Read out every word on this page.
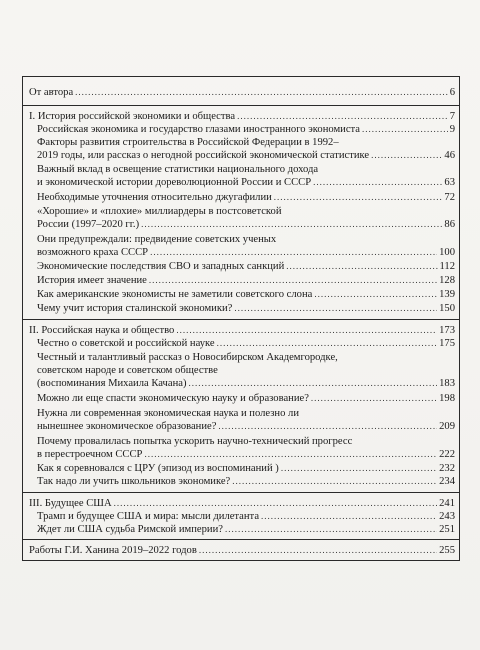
От автора .....	6
I. История российской экономики и общества .....	7
Российская экономика и государство глазами иностранного экономиста .....	9
Факторы развития строительства в Российской Федерации в 1992–
2019 годы, или рассказ о негодной российской экономической статистике .....	46
Важный вклад в освещение статистики национального дохода
и экономической истории дореволюционной России и СССР .....	63
Необходимые уточнения относительно джугафилии .....	72
«Хорошие» и «плохие» миллиардеры в постсоветской
России (1997–2020 гг.) .....	86
Они предупреждали: предвидение советских ученых
возможного краха СССР .....	100
Экономические последствия СВО и западных санкций .....	112
История имеет значение .....	128
Как американские экономисты не заметили советского слона .....	139
Чему учит история сталинской экономики? .....	150
II. Российская наука и общество .....	173
Честно о советской и российской науке .....	175
Честный и талантливый рассказ о Новосибирском Академгородке,
советском народе и советском обществе
(воспоминания Михаила Качана) .....	183
Можно ли еще спасти экономическую науку и образование? .....	198
Нужна ли современная экономическая наука и полезно ли
нынешнее экономическое образование? .....	209
Почему провалилась попытка ускорить научно-технический прогресс
в перестроечном СССР .....	222
Как я соревновался с ЦРУ (эпизод из воспоминаний ) .....	232
Так надо ли учить школьников экономике? .....	234
III. Будущее США .....	241
Трамп и будущее США и мира: мысли дилетанта .....	243
Ждет ли США судьба Римской империи? .....	251
Работы Г.И. Ханина 2019–2022 годов .....	255
